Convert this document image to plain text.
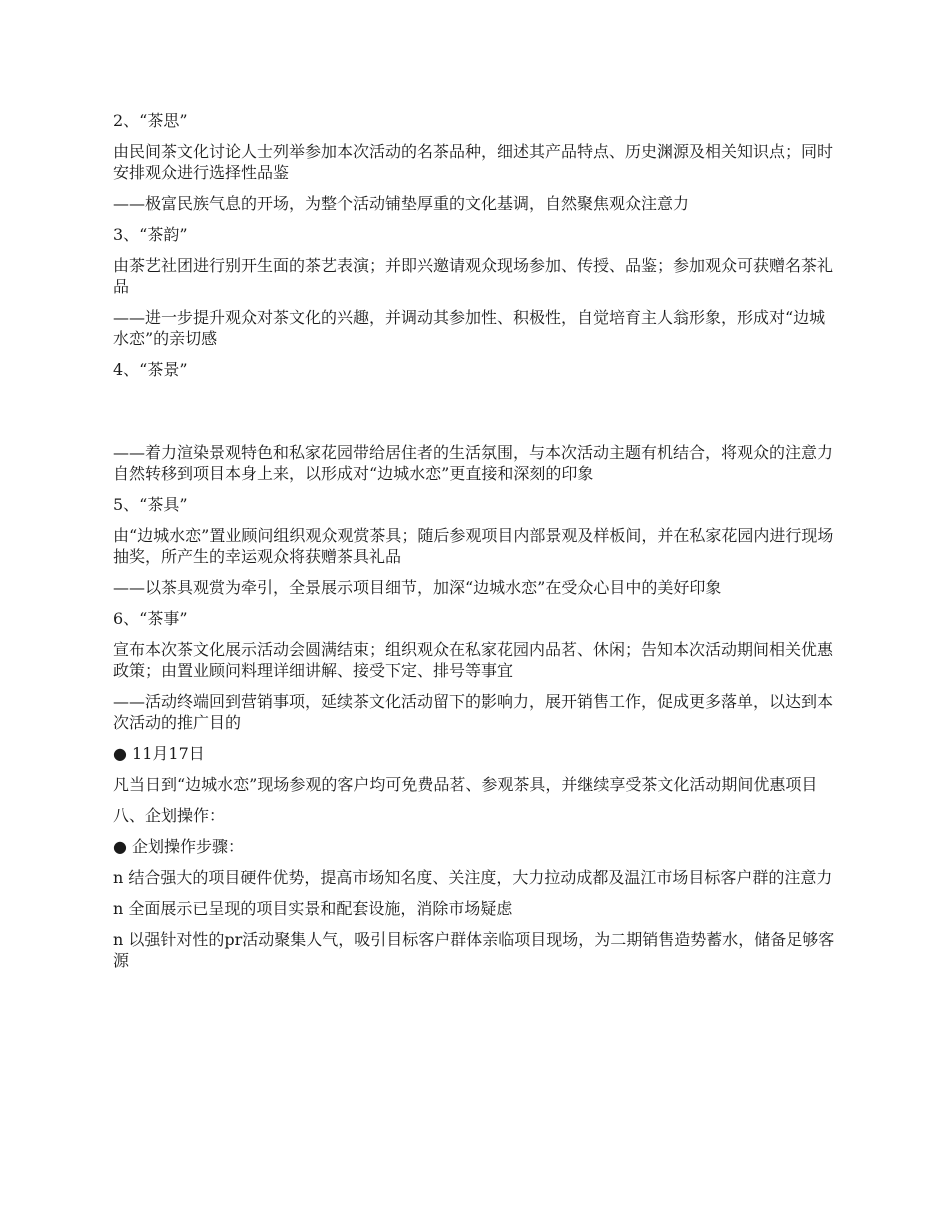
2、“茶思”

由民间茶文化讨论人士列举参加本次活动的名茶品种，细述其产品特点、历史渊源及相关知识点；同时安排观众进行选择性品鉴

——极富民族气息的开场，为整个活动铺垫厚重的文化基调，自然聚焦观众注意力

3、“茶韵”

由茶艺社团进行别开生面的茶艺表演；并即兴邀请观众现场参加、传授、品鉴；参加观众可获赠名茶礼品

——进一步提升观众对茶文化的兴趣，并调动其参加性、积极性，自觉培育主人翁形象，形成对“边城水恋”的亲切感

4、“茶景”

——着力渲染景观特色和私家花园带给居住者的生活氛围，与本次活动主题有机结合，将观众的注意力自然转移到项目本身上来，以形成对“边城水恋”更直接和深刻的印象

5、“茶具”

由“边城水恋”置业顾问组织观众观赏茶具；随后参观项目内部景观及样板间，并在私家花园内进行现场抽奖，所产生的幸运观众将获赠茶具礼品

——以茶具观赏为牵引，全景展示项目细节，加深“边城水恋”在受众心目中的美好印象

6、“茶事”

宣布本次茶文化展示活动会圆满结束；组织观众在私家花园内品茗、休闲；告知本次活动期间相关优惠政策；由置业顾问料理详细讲解、接受下定、排号等事宜

——活动终端回到营销事项，延续茶文化活动留下的影响力，展开销售工作，促成更多落单，以达到本次活动的推广目的

● 11月17日

凡当日到“边城水恋”现场参观的客户均可免费品茗、参观茶具，并继续享受茶文化活动期间优惠项目

八、企划操作：

● 企划操作步骤：

n 结合强大的项目硬件优势，提高市场知名度、关注度，大力拉动成都及温江市场目标客户群的注意力

n 全面展示已呈现的项目实景和配套设施，消除市场疑虑

n 以强针对性的pr活动聚集人气，吸引目标客户群体亲临项目现场，为二期销售造势蓄水，储备足够客源
